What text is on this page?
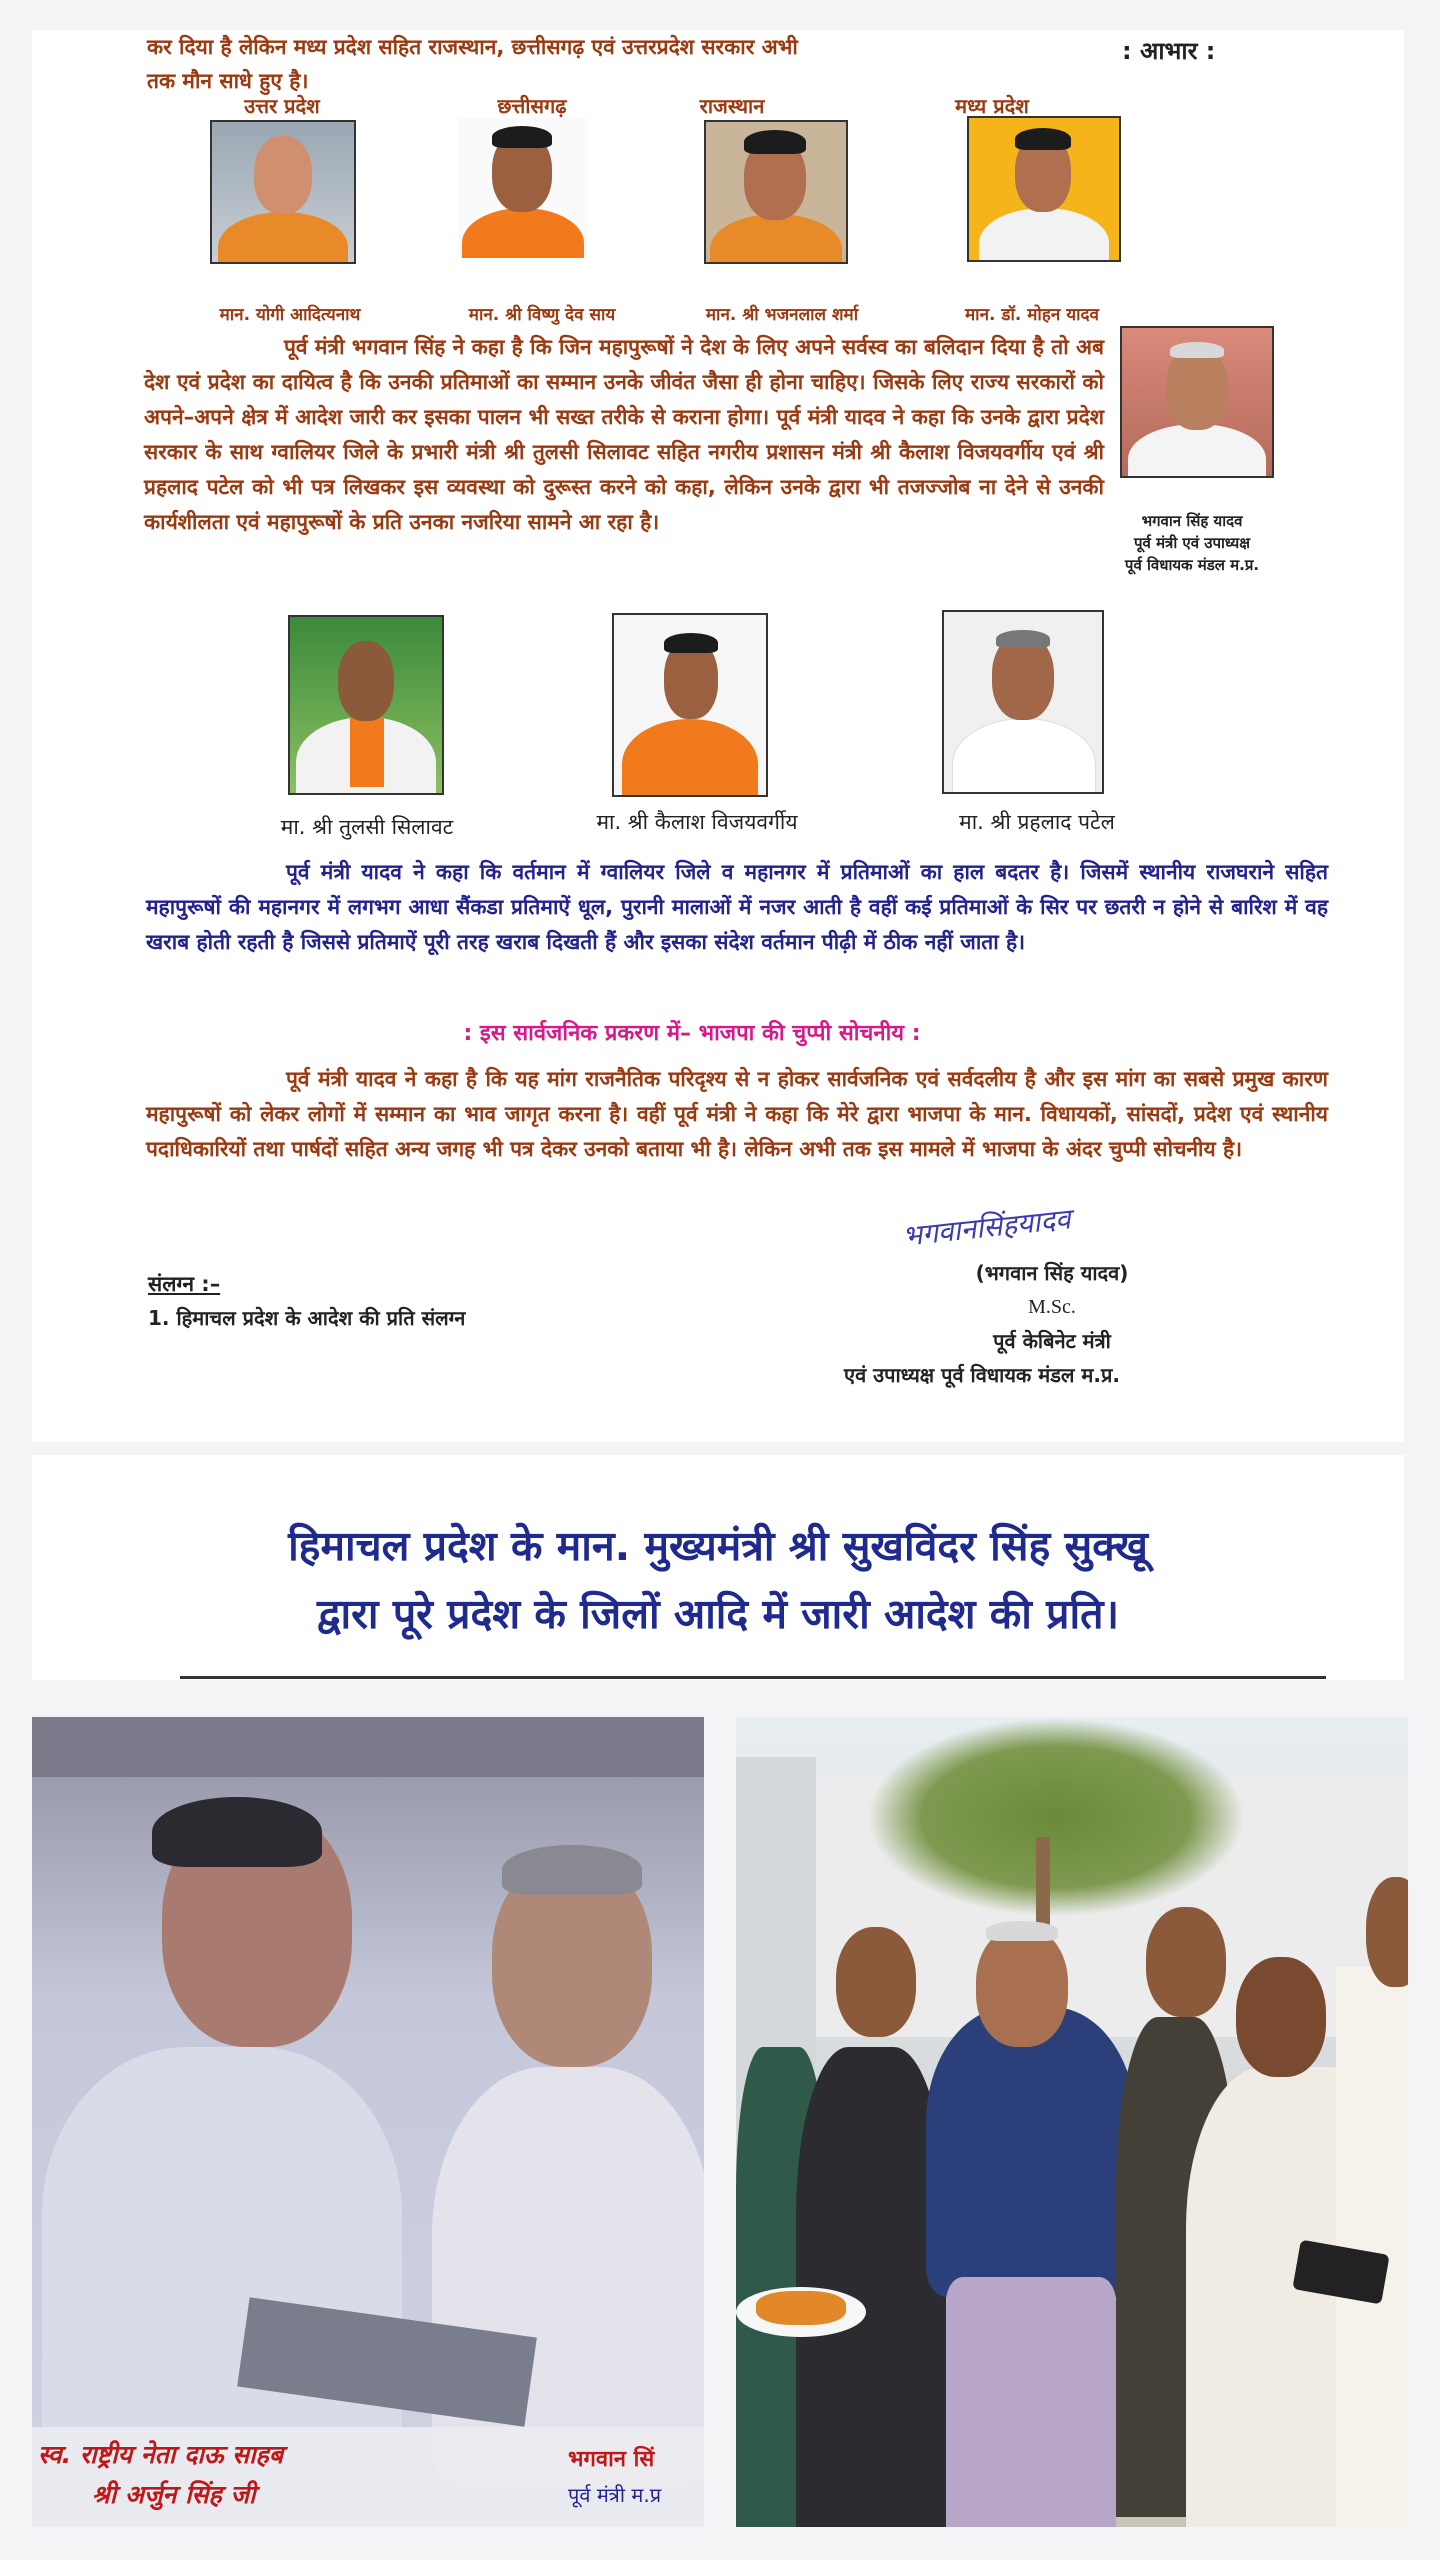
कर दिया है लेकिन मध्य प्रदेश सहित राजस्थान, छत्तीसगढ़ एवं उत्तरप्रदेश सरकार अभी
तक मौन साधे हुए है।
: आभार :
उत्तर प्रदेश	छत्तीसगढ़	राजस्थान	मध्य प्रदेश
मान. योगी आदित्यनाथ	मान. श्री विष्णु देव साय	मान. श्री भजनलाल शर्मा	मान. डॉ. मोहन यादव
भगवान सिंह यादव
पूर्व मंत्री एवं उपाध्यक्ष
पूर्व विधायक मंडल म.प्र.
पूर्व मंत्री भगवान सिंह ने कहा है कि जिन महापुरूषों ने देश के लिए अपने सर्वस्व का बलिदान दिया है तो अब देश एवं प्रदेश का दायित्व है कि उनकी प्रतिमाओं का सम्मान उनके जीवंत जैसा ही होना चाहिए। जिसके लिए राज्य सरकारों को अपने–अपने क्षेत्र में आदेश जारी कर इसका पालन भी सख्त तरीके से कराना होगा। पूर्व मंत्री यादव ने कहा कि उनके द्वारा प्रदेश सरकार के साथ ग्वालियर जिले के प्रभारी मंत्री श्री तुलसी सिलावट सहित नगरीय प्रशासन मंत्री श्री कैलाश विजयवर्गीय एवं श्री प्रहलाद पटेल को भी पत्र लिखकर इस व्यवस्था को दुरूस्त करने को कहा, लेकिन उनके द्वारा भी तजज्जोब ना देने से उनकी कार्यशीलता एवं महापुरूषों के प्रति उनका नजरिया सामने आ रहा है।
मा. श्री तुलसी सिलावट	मा. श्री कैलाश विजयवर्गीय	मा. श्री प्रहलाद पटेल
पूर्व मंत्री यादव ने कहा कि वर्तमान में ग्वालियर जिले व महानगर में प्रतिमाओं का हाल बदतर है। जिसमें स्थानीय राजघराने सहित महापुरूषों की महानगर में लगभग आधा सैंकडा प्रतिमाऐं धूल, पुरानी मालाओं में नजर आती है वहीं कई प्रतिमाओं के सिर पर छतरी न होने से बारिश में वह खराब होती रहती है जिससे प्रतिमाऐं पूरी तरह खराब दिखती हैं और इसका संदेश वर्तमान पीढ़ी में ठीक नहीं जाता है।
: इस सार्वजनिक प्रकरण में– भाजपा की चुप्पी सोचनीय :
पूर्व मंत्री यादव ने कहा है कि यह मांग राजनैतिक परिदृश्य से न होकर सार्वजनिक एवं सर्वदलीय है और इस मांग का सबसे प्रमुख कारण महापुरूषों को लेकर लोगों में सम्मान का भाव जागृत करना है। वहीं पूर्व मंत्री ने कहा कि मेरे द्वारा भाजपा के मान. विधायकों, सांसदों, प्रदेश एवं स्थानीय पदाधिकारियों तथा पार्षदों सहित अन्य जगह भी पत्र देकर उनको बताया भी है। लेकिन अभी तक इस मामले में भाजपा के अंदर चुप्पी सोचनीय है।
संलग्न :–
1. हिमाचल प्रदेश के आदेश की प्रति संलग्न
भगवानसिंहयादव
(भगवान सिंह यादव)
M.Sc.
पूर्व केबिनेट मंत्री
एवं उपाध्यक्ष पूर्व विधायक मंडल म.प्र.
हिमाचल प्रदेश के मान. मुख्यमंत्री श्री सुखविंदर सिंह सुक्खू
द्वारा पूरे प्रदेश के जिलों आदि में जारी आदेश की प्रति।
स्व. राष्ट्रीय नेता दाऊ साहब
श्री अर्जुन सिंह जी
भगवान सिं
पूर्व मंत्री म.प्र
